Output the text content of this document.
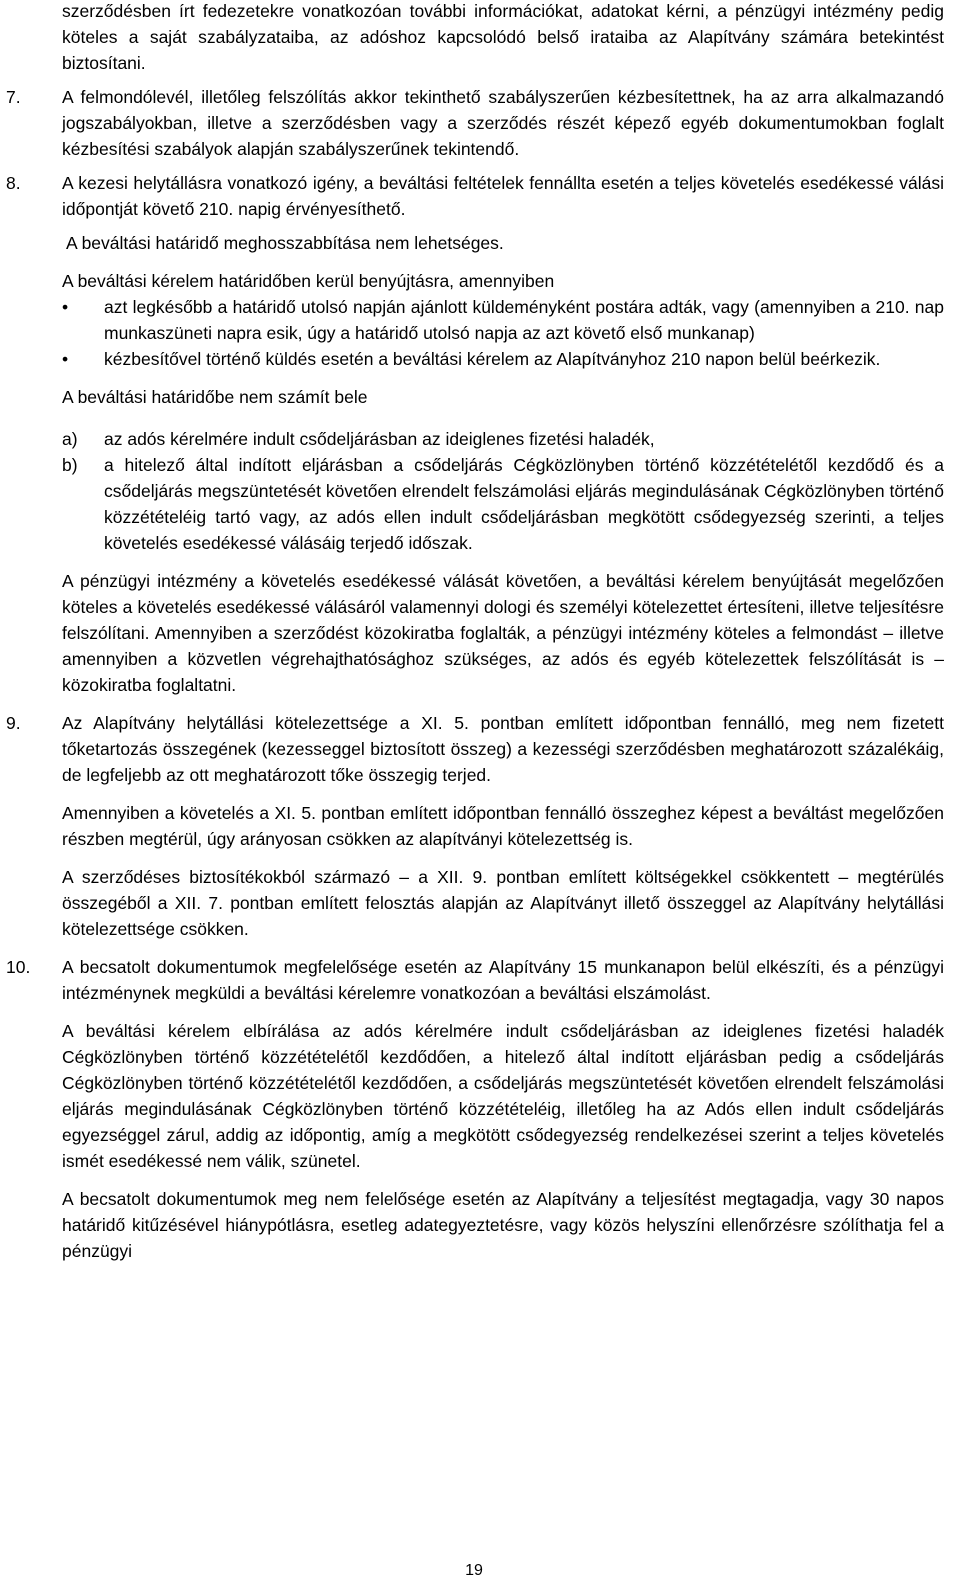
szerződésben írt fedezetekre vonatkozóan további információkat, adatokat kérni, a pénzügyi intézmény pedig köteles a saját szabályzataiba, az adóshoz kapcsolódó belső irataiba az Alapítvány számára betekintést biztosítani.

7. A felmondólevél, illetőleg felszólítás akkor tekinthető szabályszerűen kézbesítettnek, ha az arra alkalmazandó jogszabályokban, illetve a szerződésben vagy a szerződés részét képező egyéb dokumentumokban foglalt kézbesítési szabályok alapján szabályszerűnek tekintendő.

8. A kezesi helytállásra vonatkozó igény, a beváltási feltételek fennállta esetén a teljes követelés esedékessé válási időpontját követő 210. napig érvényesíthető.

A beváltási határidő meghosszabbítása nem lehetséges.

A beváltási kérelem határidőben kerül benyújtásra, amennyiben

• azt legkésőbb a határidő utolsó napján ajánlott küldeményként postára adták, vagy (amennyiben a 210. nap munkaszüneti napra esik, úgy a határidő utolsó napja az azt követő első munkanap)

• kézbesítővel történő küldés esetén a beváltási kérelem az Alapítványhoz 210 napon belül beérkezik.

A beváltási határidőbe nem számít bele

a) az adós kérelmére indult csődeljárásban az ideiglenes fizetési haladék,

b) a hitelező által indított eljárásban a csődeljárás Cégközlönyben történő közzétételétől kezdődő és a csődeljárás megszüntetését követően elrendelt felszámolási eljárás megindulásának Cégközlönyben történő közzétételéig tartó vagy, az adós ellen indult csődeljárásban megkötött csődegyezség szerinti, a teljes követelés esedékessé válásáig terjedő időszak.

A pénzügyi intézmény a követelés esedékessé válását követően, a beváltási kérelem benyújtását megelőzően köteles a követelés esedékessé válásáról valamennyi dologi és személyi kötelezettet értesíteni, illetve teljesítésre felszólítani. Amennyiben a szerződést közokiratba foglalták, a pénzügyi intézmény köteles a felmondást – illetve amennyiben a közvetlen végrehajthatósághoz szükséges, az adós és egyéb kötelezettek felszólítását is – közokiratba foglaltatni.

9. Az Alapítvány helytállási kötelezettsége a XI. 5. pontban említett időpontban fennálló, meg nem fizetett tőketartozás összegének (kezesseggel biztosított összeg) a kezességi szerződésben meghatározott százalékáig, de legfeljebb az ott meghatározott tőke összegig terjed.

Amennyiben a követelés a XI. 5. pontban említett időpontban fennálló összeghez képest a beváltást megelőzően részben megtérül, úgy arányosan csökken az alapítványi kötelezettség is.

A szerződéses biztosítékokból származó – a XII. 9. pontban említett költségekkel csökkentett – megtérülés összegéből a XII. 7. pontban említett felosztás alapján az Alapítványt illető összeggel az Alapítvány helytállási kötelezettsége csökken.

10. A becsatolt dokumentumok megfelelősége esetén az Alapítvány 15 munkanapon belül elkészíti, és a pénzügyi intézménynek megküldi a beváltási kérelemre vonatkozóan a beváltási elszámolást.

A beváltási kérelem elbírálása az adós kérelmére indult csődeljárásban az ideiglenes fizetési haladék Cégközlönyben történő közzétételétől kezdődően, a hitelező által indított eljárásban pedig a csődeljárás Cégközlönyben történő közzétételétől kezdődően, a csődeljárás megszüntetését követően elrendelt felszámolási eljárás megindulásának Cégközlönyben történő közzétételéig, illetőleg ha az Adós ellen indult csődeljárás egyezséggel zárul, addig az időpontig, amíg a megkötött csődegyezség rendelkezései szerint a teljes követelés ismét esedékessé nem válik, szünetel.

A becsatolt dokumentumok meg nem felelősége esetén az Alapítvány a teljesítést megtagadja, vagy 30 napos határidő kitűzésével hiánypótlásra, esetleg adategyeztetésre, vagy közös helyszíni ellenőrzésre szólíthatja fel a pénzügyi

19
